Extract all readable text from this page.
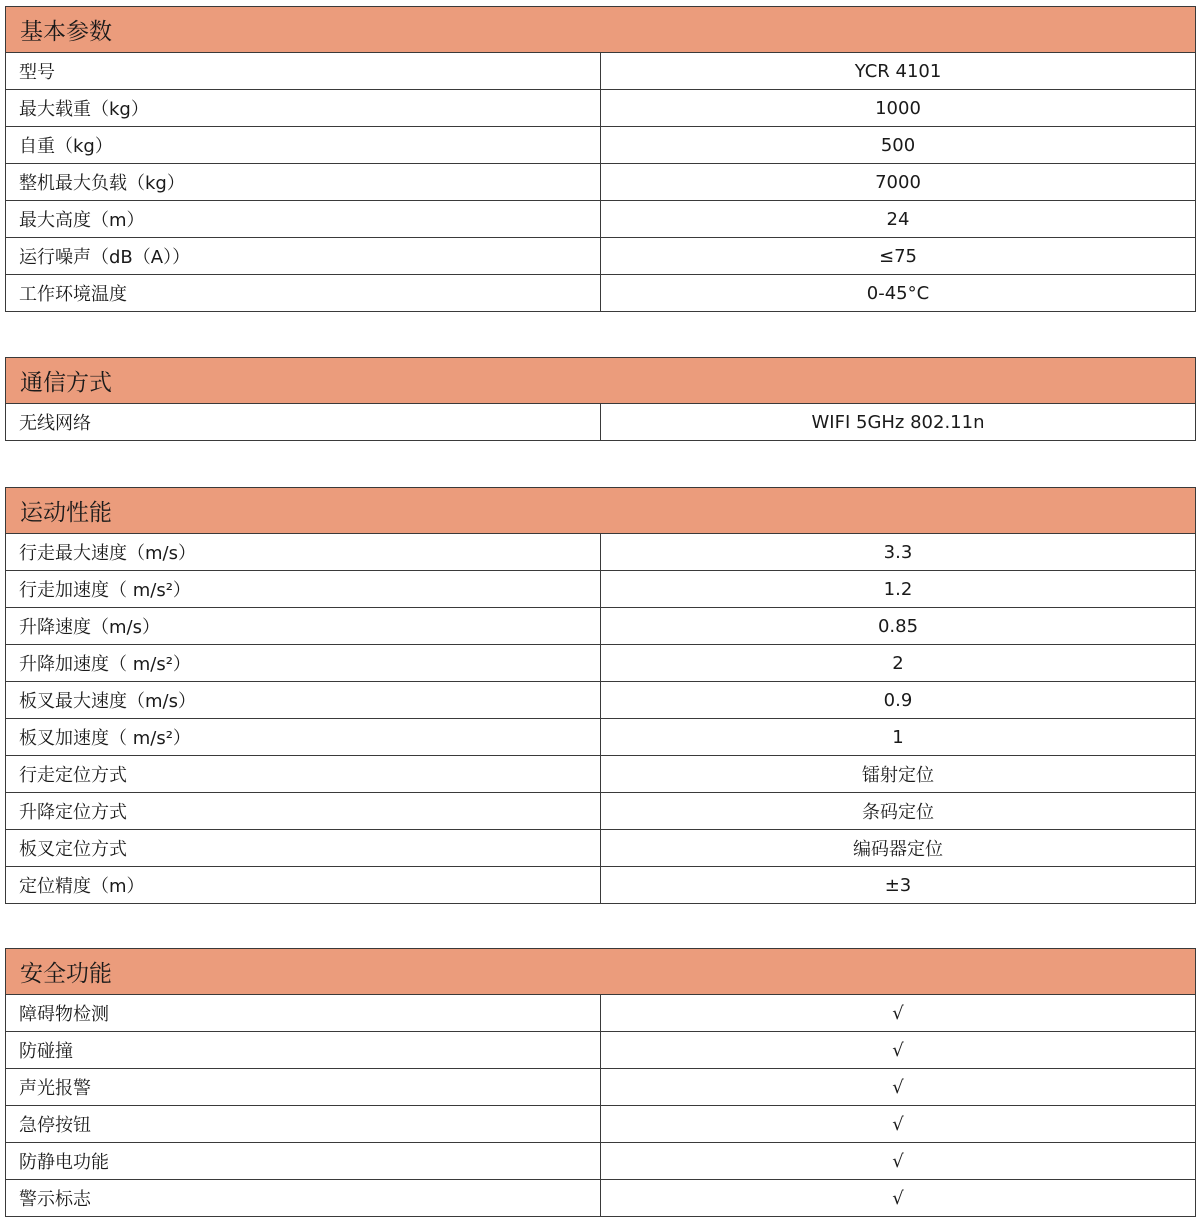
基本参数	
型号	YCR 4101
最大载重（kg）	1000
自重（kg）	500
整机最大负载（kg）	7000
最大高度（m）	24
运行噪声（dB（A））	≤75
工作环境温度	0-45°C
通信方式
无线网络	WIFI 5GHz 802.11n
运动性能	
行走最大速度（m/s）	3.3
行走加速度（ m/s²）	1.2
升降速度（m/s）	0.85
升降加速度（ m/s²）	2
板叉最大速度（m/s）	0.9
板叉加速度（ m/s²）	1
行走定位方式	镭射定位
升降定位方式	条码定位
板叉定位方式	编码器定位
定位精度（m）	±3
安全功能	
障碍物检测	√
防碰撞	√
声光报警	√
急停按钮	√
防静电功能	√
警示标志	√
